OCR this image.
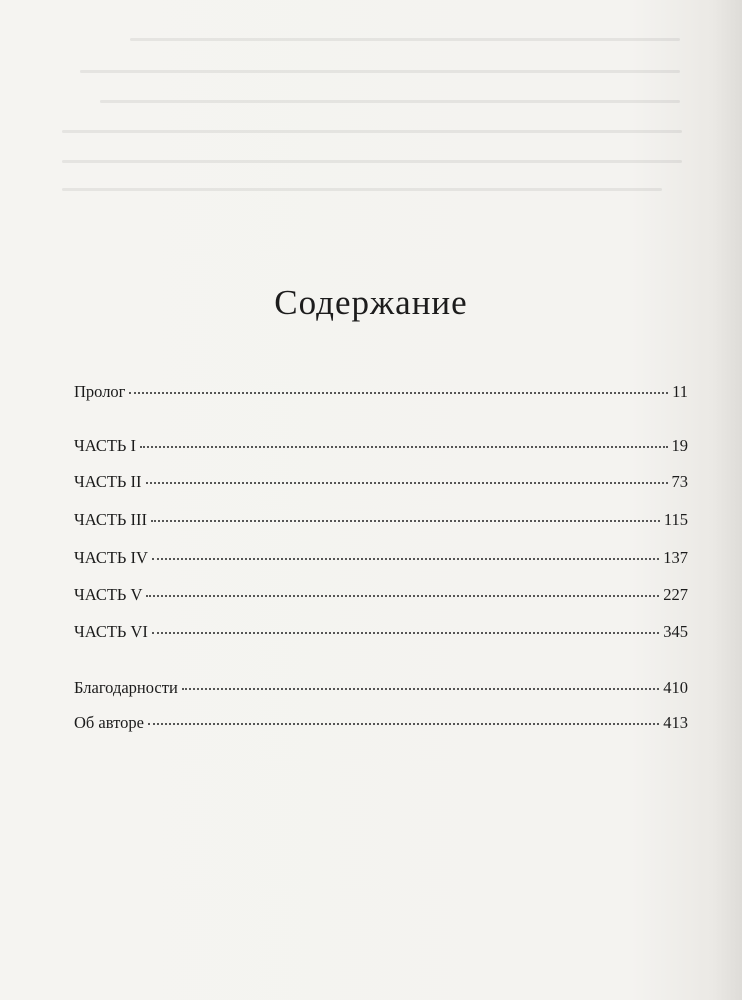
Содержание
Пролог	11
ЧАСТЬ I	19
ЧАСТЬ II	73
ЧАСТЬ III	115
ЧАСТЬ IV	137
ЧАСТЬ V	227
ЧАСТЬ VI	345
Благодарности	410
Об авторе	413
